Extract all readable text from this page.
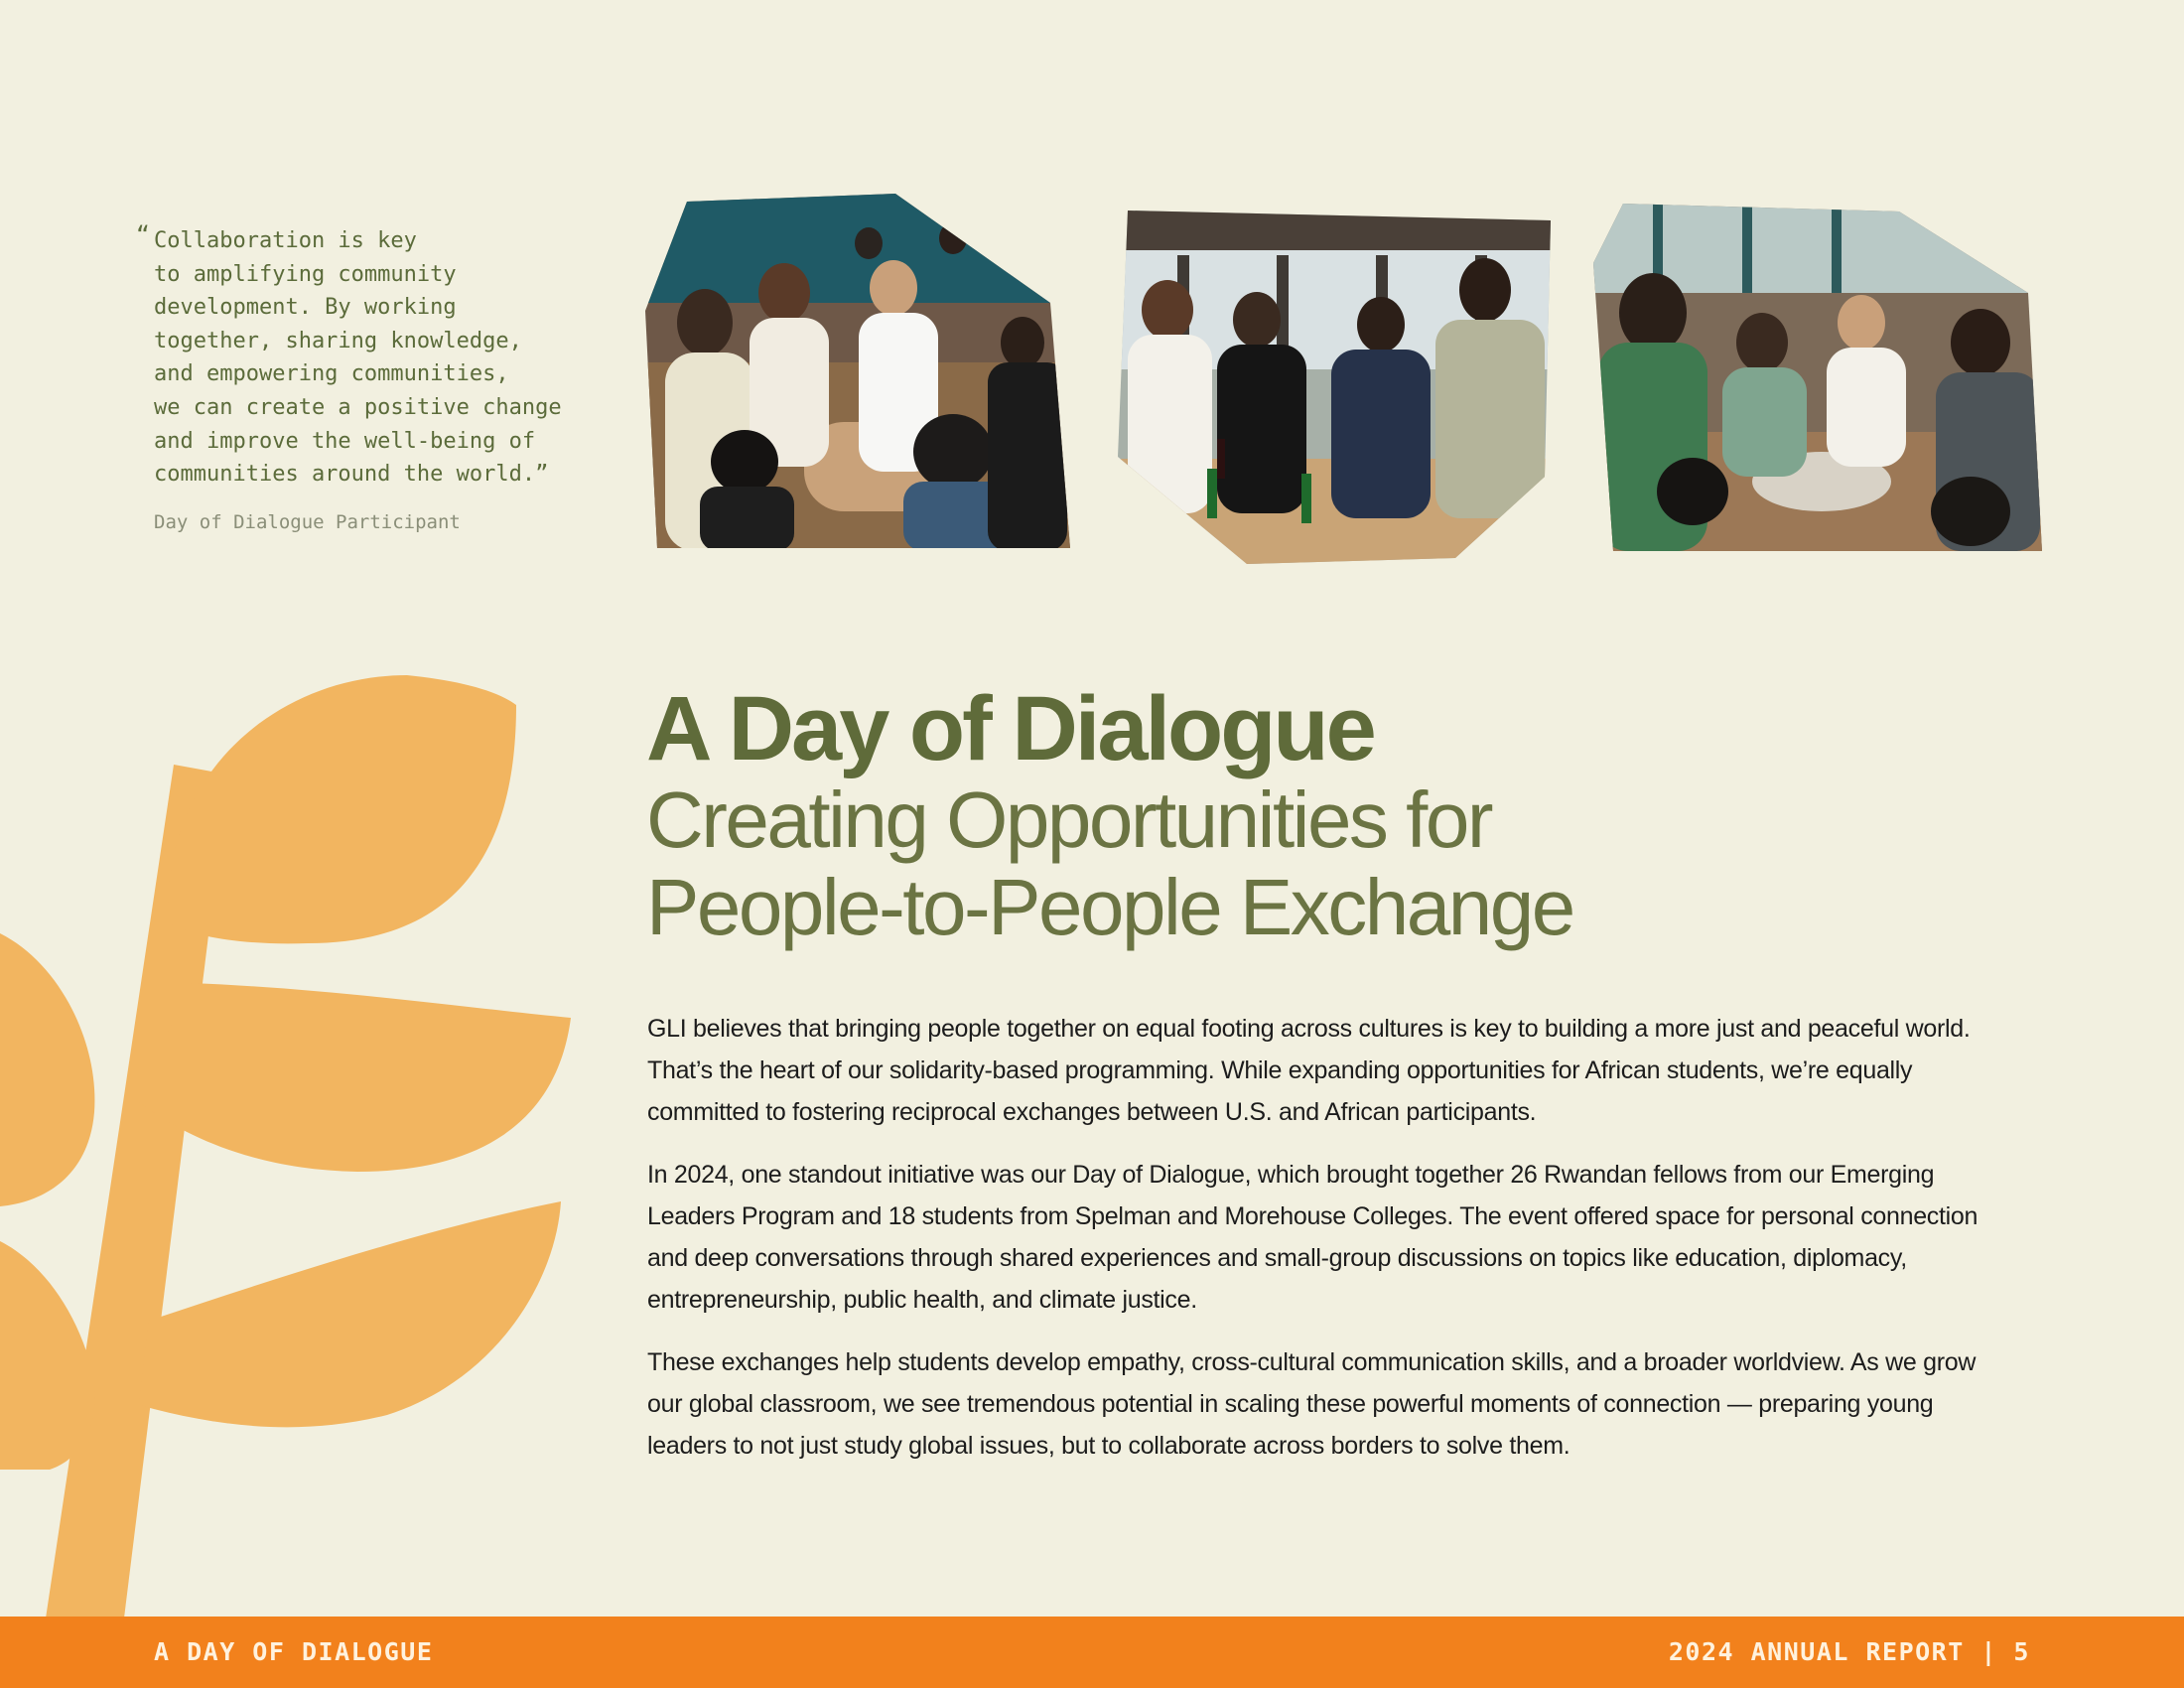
“ Collaboration is key
to amplifying community
development. By working
together, sharing knowledge,
and empowering communities,
we can create a positive change
and improve the well-being of
communities around the world.”

Day of Dialogue Participant
A Day of Dialogue
Creating Opportunities for
People-to-People Exchange

GLI believes that bringing people together on equal footing across cultures is key to building a more just and peaceful world. That’s the heart of our solidarity-based programming. While expanding opportunities for African students, we’re equally committed to fostering reciprocal exchanges between U.S. and African participants.

In 2024, one standout initiative was our Day of Dialogue, which brought together 26 Rwandan fellows from our Emerging Leaders Program and 18 students from Spelman and Morehouse Colleges. The event offered space for personal connection and deep conversations through shared experiences and small-group discussions on topics like education, diplomacy, entrepreneurship, public health, and climate justice.

These exchanges help students develop empathy, cross-cultural communication skills, and a broader worldview. As we grow our global classroom, we see tremendous potential in scaling these powerful moments of connection — preparing young leaders to not just study global issues, but to collaborate across borders to solve them.

A DAY OF DIALOGUE	2024 ANNUAL REPORT | 5
